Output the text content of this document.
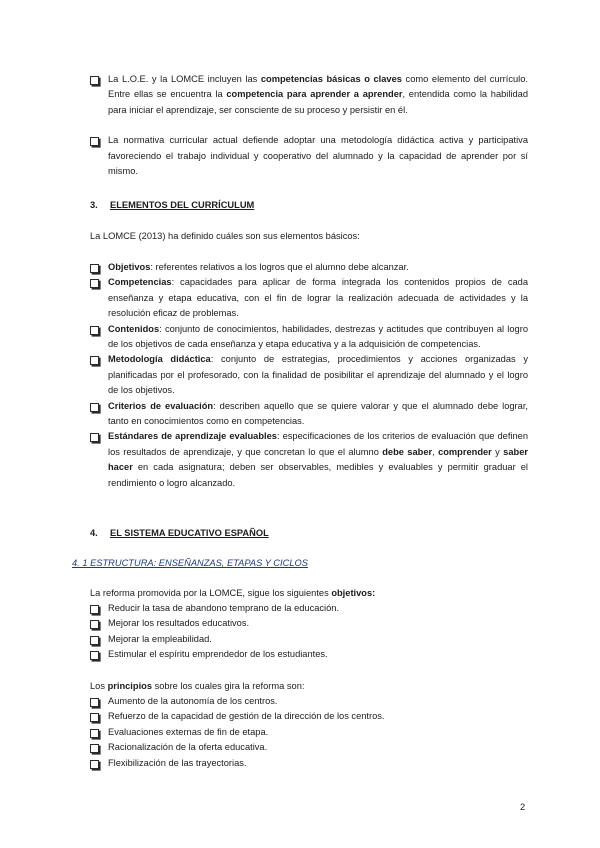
La L.O.E. y la LOMCE incluyen las competencias básicas o claves como elemento del currículo. Entre ellas se encuentra la competencia para aprender a aprender, entendida como la habilidad para iniciar el aprendizaje, ser consciente de su proceso y persistir en él.
La normativa curricular actual defiende adoptar una metodología didáctica activa y participativa favoreciendo el trabajo individual y cooperativo del alumnado y la capacidad de aprender por sí mismo.
3. ELEMENTOS DEL CURRÍCULUM
La LOMCE (2013) ha definido cuáles son sus elementos básicos:
Objetivos: referentes relativos a los logros que el alumno debe alcanzar.
Competencias: capacidades para aplicar de forma integrada los contenidos propios de cada enseñanza y etapa educativa, con el fin de lograr la realización adecuada de actividades y la resolución eficaz de problemas.
Contenidos: conjunto de conocimientos, habilidades, destrezas y actitudes que contribuyen al logro de los objetivos de cada enseñanza y etapa educativa y a la adquisición de competencias.
Metodología didáctica: conjunto de estrategias, procedimientos y acciones organizadas y planificadas por el profesorado, con la finalidad de posibilitar el aprendizaje del alumnado y el logro de los objetivos.
Criterios de evaluación: describen aquello que se quiere valorar y que el alumnado debe lograr, tanto en conocimientos como en competencias.
Estándares de aprendizaje evaluables: especificaciones de los criterios de evaluación que definen los resultados de aprendizaje, y que concretan lo que el alumno debe saber, comprender y saber hacer en cada asignatura; deben ser observables, medibles y evaluables y permitir graduar el rendimiento o logro alcanzado.
4. EL SISTEMA EDUCATIVO ESPAÑOL
4. 1 ESTRUCTURA: ENSEÑANZAS, ETAPAS Y CICLOS
La reforma promovida por la LOMCE, sigue los siguientes objetivos:
Reducir la tasa de abandono temprano de la educación.
Mejorar los resultados educativos.
Mejorar la empleabilidad.
Estimular el espíritu emprendedor de los estudiantes.
Los principios sobre los cuales gira la reforma son:
Aumento de la autonomía de los centros.
Refuerzo de la capacidad de gestión de la dirección de los centros.
Evaluaciones externas de fin de etapa.
Racionalización de la oferta educativa.
Flexibilización de las trayectorias.
2
